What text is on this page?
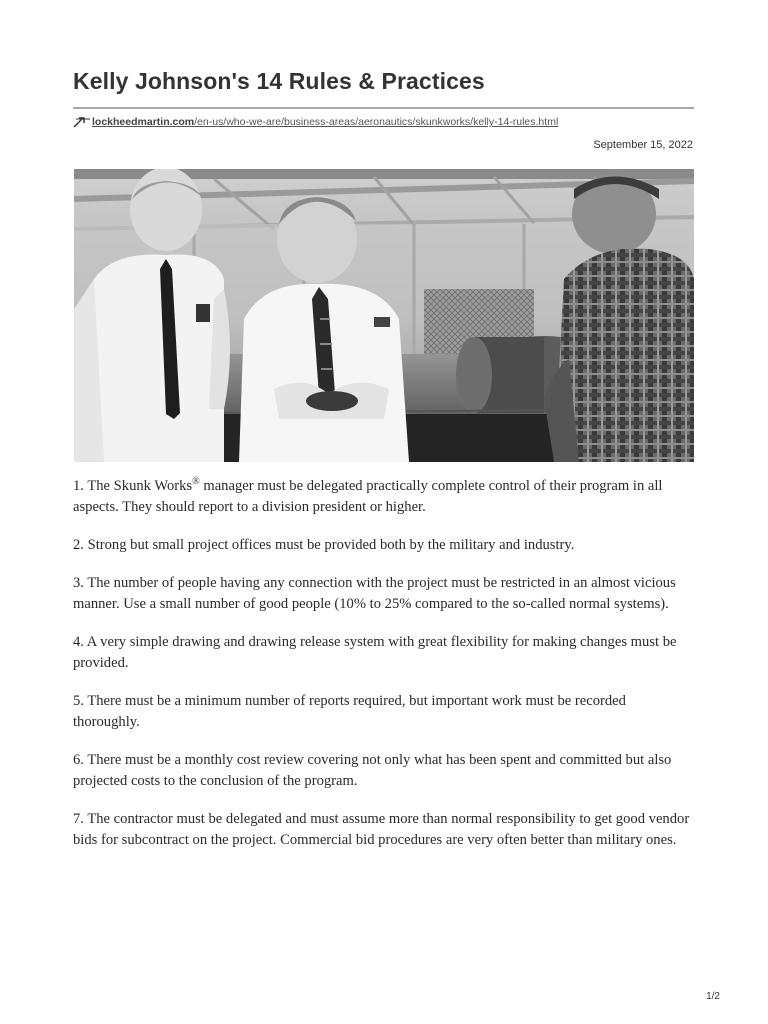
Kelly Johnson's 14 Rules & Practices
lockheedmartin.com/en-us/who-we-are/business-areas/aeronautics/skunkworks/kelly-14-rules.html
September 15, 2022
1. The Skunk Works® manager must be delegated practically complete control of their program in all aspects. They should report to a division president or higher.
2. Strong but small project offices must be provided both by the military and industry.
3. The number of people having any connection with the project must be restricted in an almost vicious manner. Use a small number of good people (10% to 25% compared to the so-called normal systems).
4. A very simple drawing and drawing release system with great flexibility for making changes must be provided.
5. There must be a minimum number of reports required, but important work must be recorded thoroughly.
6. There must be a monthly cost review covering not only what has been spent and committed but also projected costs to the conclusion of the program.
7. The contractor must be delegated and must assume more than normal responsibility to get good vendor bids for subcontract on the project. Commercial bid procedures are very often better than military ones.
1/2
